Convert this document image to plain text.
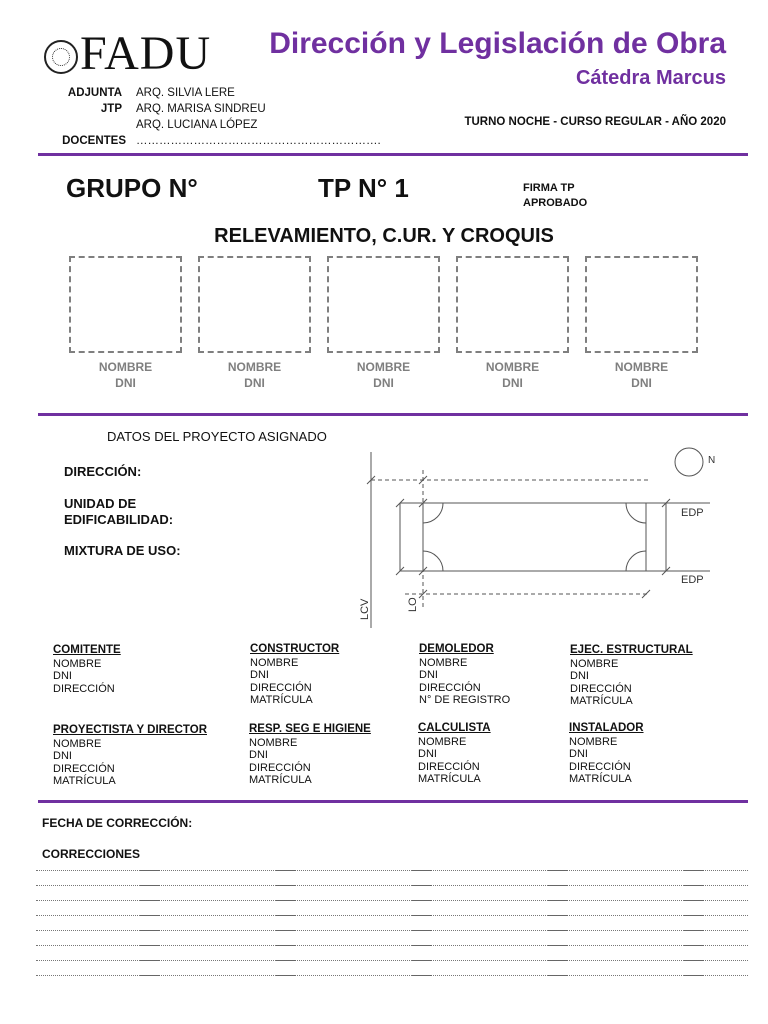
FADU	Dirección y Legislación de Obra
Cátedra Marcus
ADJUNTA ARQ. SILVIA LERE
JTP ARQ. MARISA SINDREU
ARQ. LUCIANA LÓPEZ
DOCENTES ……………………………………………………….
TURNO NOCHE - CURSO REGULAR - AÑO 2020
GRUPO N°	TP N° 1	FIRMA TP
APROBADO
RELEVAMIENTO, C.UR. Y CROQUIS
NOMBRE
DNI
NOMBRE
DNI
NOMBRE
DNI
NOMBRE
DNI
NOMBRE
DNI
DATOS DEL PROYECTO ASIGNADO
DIRECCIÓN:
UNIDAD DE
EDIFICABILIDAD:
MIXTURA DE USO:
N
EDP
EDP
LCV	LO
COMITENTE
NOMBRE
DNI
DIRECCIÓN
CONSTRUCTOR
NOMBRE
DNI
DIRECCIÓN
MATRÍCULA
DEMOLEDOR
NOMBRE
DNI
DIRECCIÓN
N° DE REGISTRO
EJEC. ESTRUCTURAL
NOMBRE
DNI
DIRECCIÓN
MATRÍCULA
PROYECTISTA Y DIRECTOR
NOMBRE
DNI
DIRECCIÓN
MATRÍCULA
RESP. SEG E HIGIENE
NOMBRE
DNI
DIRECCIÓN
MATRÍCULA
CALCULISTA
NOMBRE
DNI
DIRECCIÓN
MATRÍCULA
INSTALADOR
NOMBRE
DNI
DIRECCIÓN
MATRÍCULA
FECHA DE CORRECCIÓN:
CORRECCIONES
